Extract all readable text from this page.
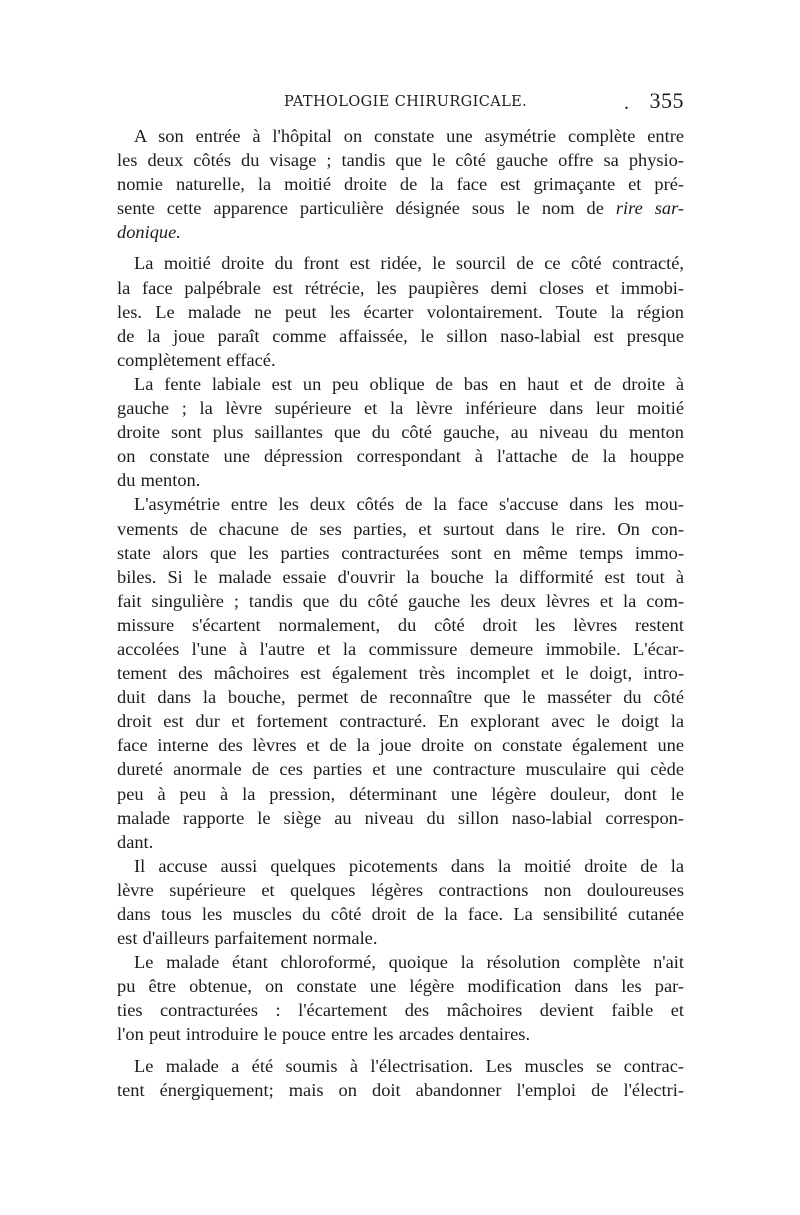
PATHOLOGIE CHIRURGICALE.	. 355
A son entrée à l'hôpital on constate une asymétrie complète entre
les deux côtés du visage ; tandis que le côté gauche offre sa physio-
nomie naturelle, la moitié droite de la face est grimaçante et pré-
sente cette apparence particulière désignée sous le nom de rire sar-
donique.
La moitié droite du front est ridée, le sourcil de ce côté contracté,
la face palpébrale est rétrécie, les paupières demi closes et immobi-
les. Le malade ne peut les écarter volontairement. Toute la région
de la joue paraît comme affaissée, le sillon naso-labial est presque
complètement effacé.
La fente labiale est un peu oblique de bas en haut et de droite à
gauche ; la lèvre supérieure et la lèvre inférieure dans leur moitié
droite sont plus saillantes que du côté gauche, au niveau du menton
on constate une dépression correspondant à l'attache de la houppe
du menton.
L'asymétrie entre les deux côtés de la face s'accuse dans les mou-
vements de chacune de ses parties, et surtout dans le rire. On con-
state alors que les parties contracturées sont en même temps immo-
biles. Si le malade essaie d'ouvrir la bouche la difformité est tout à
fait singulière ; tandis que du côté gauche les deux lèvres et la com-
missure s'écartent normalement, du côté droit les lèvres restent
accolées l'une à l'autre et la commissure demeure immobile. L'écar-
tement des mâchoires est également très incomplet et le doigt, intro-
duit dans la bouche, permet de reconnaître que le masséter du côté
droit est dur et fortement contracturé. En explorant avec le doigt la
face interne des lèvres et de la joue droite on constate également une
dureté anormale de ces parties et une contracture musculaire qui cède
peu à peu à la pression, déterminant une légère douleur, dont le
malade rapporte le siège au niveau du sillon naso-labial correspon-
dant.
Il accuse aussi quelques picotements dans la moitié droite de la
lèvre supérieure et quelques légères contractions non douloureuses
dans tous les muscles du côté droit de la face. La sensibilité cutanée
est d'ailleurs parfaitement normale.
Le malade étant chloroformé, quoique la résolution complète n'ait
pu être obtenue, on constate une légère modification dans les par-
ties contracturées : l'écartement des mâchoires devient faible et
l'on peut introduire le pouce entre les arcades dentaires.
Le malade a été soumis à l'électrisation. Les muscles se contrac-
tent énergiquement; mais on doit abandonner l'emploi de l'électri-
